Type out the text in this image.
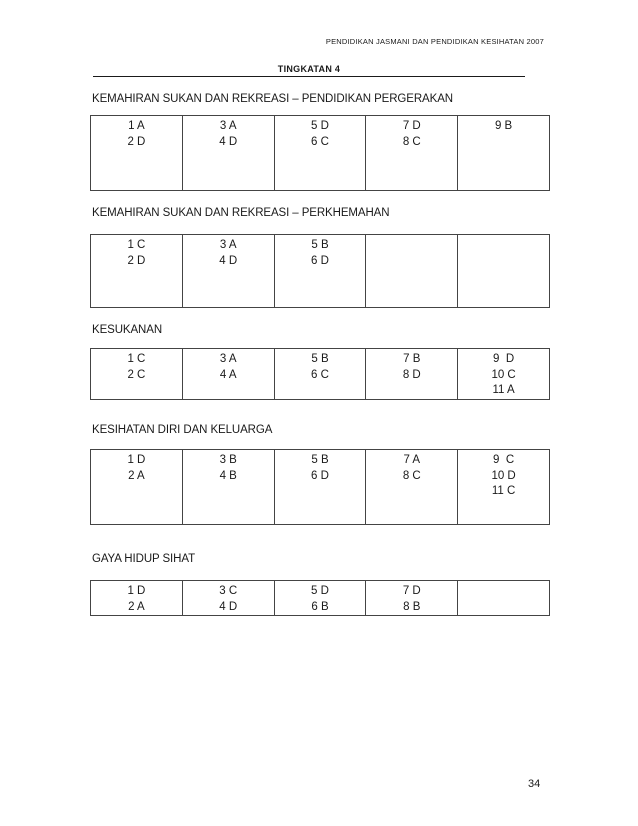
PENDIDIKAN JASMANI DAN PENDIDIKAN KESIHATAN 2007
TINGKATAN 4
KEMAHIRAN SUKAN DAN REKREASI – PENDIDIKAN PERGERAKAN
1 A
2 D

3 A
4 D

5 D
6 C

7 D
8 C

9 B
KEMAHIRAN SUKAN DAN REKREASI – PERKHEMAHAN
1 C
2 D

3 A
4 D

5 B
6 D

KESUKANAN
1 C
2 C

3 A
4 A

5 B
6 C

7 B
8 D

9  D
10 C
11 A
KESIHATAN DIRI DAN KELUARGA
1 D
2 A

3 B
4 B

5 B
6 D

7 A
8 C

9  C
10 D
11 C
GAYA HIDUP SIHAT
1 D
2 A

3 C
4 D

5 D
6 B

7 D
8 B

34
